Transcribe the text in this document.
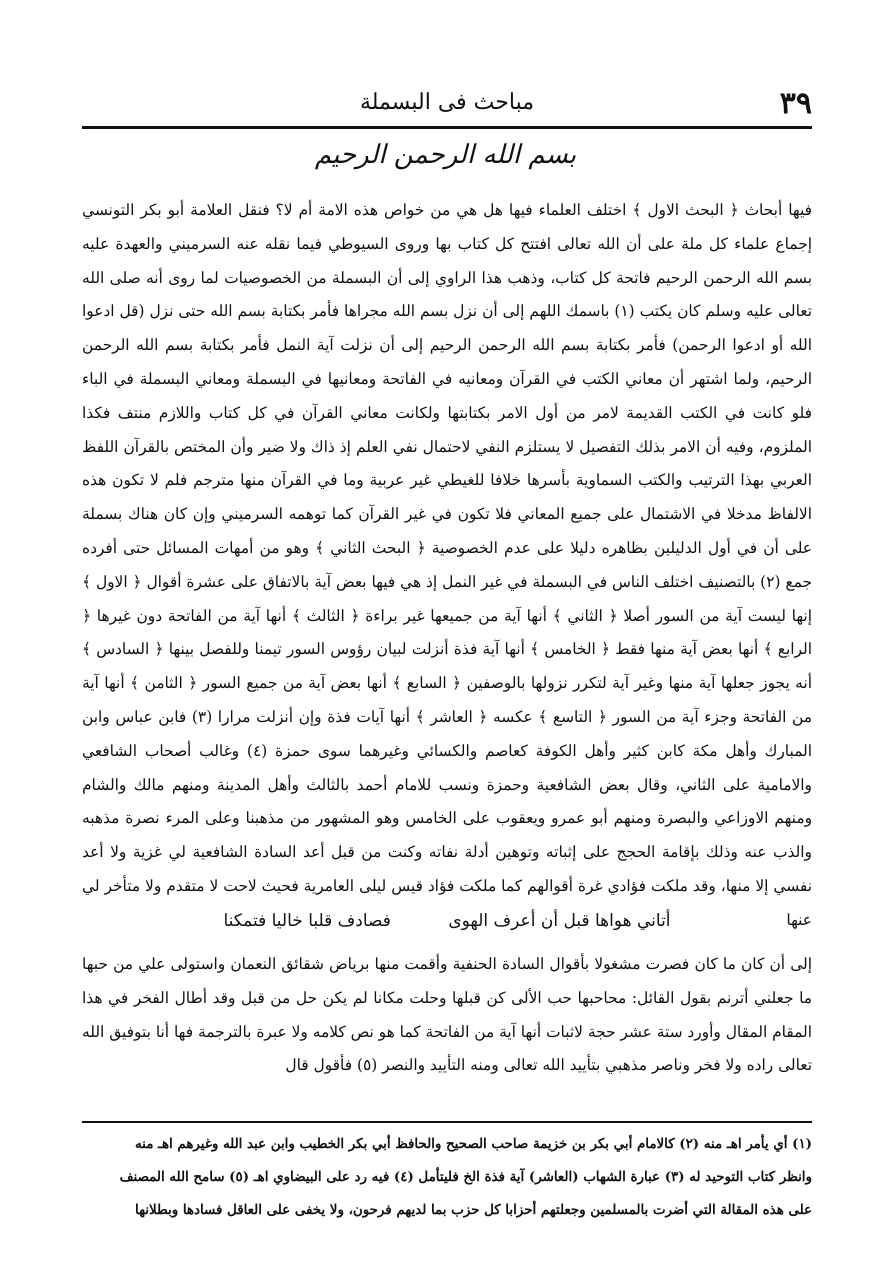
٣٩
مباحث فى البسملة
بسم الله الرحمن الرحيم

فيها أبحاث ﴿ البحث الاول ﴾ اختلف العلماء فيها هل هي من خواص هذه الامة أم لا؟ فنقل العلامة أبو بكر التونسي إجماع علماء كل ملة على أن الله تعالى افتتح كل كتاب بها وروى السيوطي فيما نقله عنه السرميني والعهدة عليه بسم الله الرحمن الرحيم فاتحة كل كتاب، وذهب هذا الراوي إلى أن البسملة من الخصوصيات لما روى أنه صلى الله تعالى عليه وسلم كان يكتب (١) باسمك اللهم إلى أن نزل بسم الله مجراها فأمر بكتابة بسم الله حتى نزل (قل ادعوا الله أو ادعوا الرحمن) فأمر بكتابة بسم الله الرحمن الرحيم إلى أن نزلت آية النمل فأمر بكتابة بسم الله الرحمن الرحيم، ولما اشتهر أن معاني الكتب في القرآن ومعانيه في الفاتحة ومعانيها في البسملة ومعاني البسملة في الباء فلو كانت في الكتب القديمة لامر من أول الامر بكتابتها ولكانت معاني القرآن في كل كتاب واللازم منتف فكذا الملزوم، وفيه أن الامر بذلك التفصيل لا يستلزم النفي لاحتمال نفي العلم إذ ذاك ولا ضير وأن المختص بالقرآن اللفظ العربي بهذا الترتيب والكتب السماوية بأسرها خلافا للغيطي غير عربية وما في القرآن منها مترجم فلم لا تكون هذه الالفاظ مدخلا في الاشتمال على جميع المعاني فلا تكون في غير القرآن كما توهمه السرميني وإن كان هناك بسملة على أن في أول الدليلين بظاهره دليلا على عدم الخصوصية ﴿ البحث الثاني ﴾ وهو من أمهات المسائل حتى أفرده جمع (٢) بالتصنيف اختلف الناس في البسملة في غير النمل إذ هي فيها بعض آية بالاتفاق على عشرة أقوال ﴿ الاول ﴾ إنها ليست آية من السور أصلا ﴿ الثاني ﴾ أنها آية من جميعها غير براءة ﴿ الثالث ﴾ أنها آية من الفاتحة دون غيرها ﴿ الرابع ﴾ أنها بعض آية منها فقط ﴿ الخامس ﴾ أنها آية فذة أنزلت لبيان رؤوس السور تيمنا وللفصل بينها ﴿ السادس ﴾ أنه يجوز جعلها آية منها وغير آية لتكرر نزولها بالوصفين ﴿ السابع ﴾ أنها بعض آية من جميع السور ﴿ الثامن ﴾ أنها آية من الفاتحة وجزء آية من السور ﴿ التاسع ﴾ عكسه ﴿ العاشر ﴾ أنها آيات فذة وإن أنزلت مرارا (٣) فابن عباس وابن المبارك وأهل مكة كابن كثير وأهل الكوفة كعاصم والكسائي وغيرهما سوى حمزة (٤) وغالب أصحاب الشافعي والامامية على الثاني، وقال بعض الشافعية وحمزة ونسب للامام أحمد بالثالث وأهل المدينة ومنهم مالك والشام ومنهم الاوزاعي والبصرة ومنهم أبو عمرو ويعقوب على الخامس وهو المشهور من مذهبنا وعلى المرء نصرة مذهبه والذب عنه وذلك بإقامة الحجج على إثباته وتوهين أدلة نفاته وكنت من قبل أعد السادة الشافعية لي غزية ولا أعد نفسي إلا منها، وقد ملكت فؤادي غرة أقوالهم كما ملكت فؤاد قيس ليلى العامرية فحيث لاحت لا متقدم ولا متأخر لي عنها

أتاني هواها قبل أن أعرف الهوى فصادف قلبا خاليا فتمكنا

إلى أن كان ما كان فصرت مشغولا بأقوال السادة الحنفية وأقمت منها برياض شقائق النعمان واستولى علي من حبها ما جعلني أترنم بقول القائل: محاحبها حب الألى كن قبلها وحلت مكانا لم يكن حل من قبل وقد أطال الفخر في هذا المقام المقال وأورد ستة عشر حجة لاثبات أنها آية من الفاتحة كما هو نص كلامه ولا عبرة بالترجمة فها أنا بتوفيق الله تعالى راده ولا فخر وناصر مذهبي بتأييد الله تعالى ومنه التأييد والنصر (٥) فأقول قال

(١) أي يأمر اهـ منه (٢) كالامام أبي بكر بن خزيمة صاحب الصحيح والحافظ أبي بكر الخطيب وابن عبد الله وغيرهم اهـ منه

وانظر كتاب التوحيد له (٣) عبارة الشهاب (العاشر) آية فذة الخ فليتأمل (٤) فيه رد على البيضاوي اهـ (٥) سامح الله المصنف

على هذه المقالة التي أضرت بالمسلمين وجعلتهم أحزابا كل حزب بما لديهم فرحون، ولا يخفى على العاقل فسادها وبطلانها
